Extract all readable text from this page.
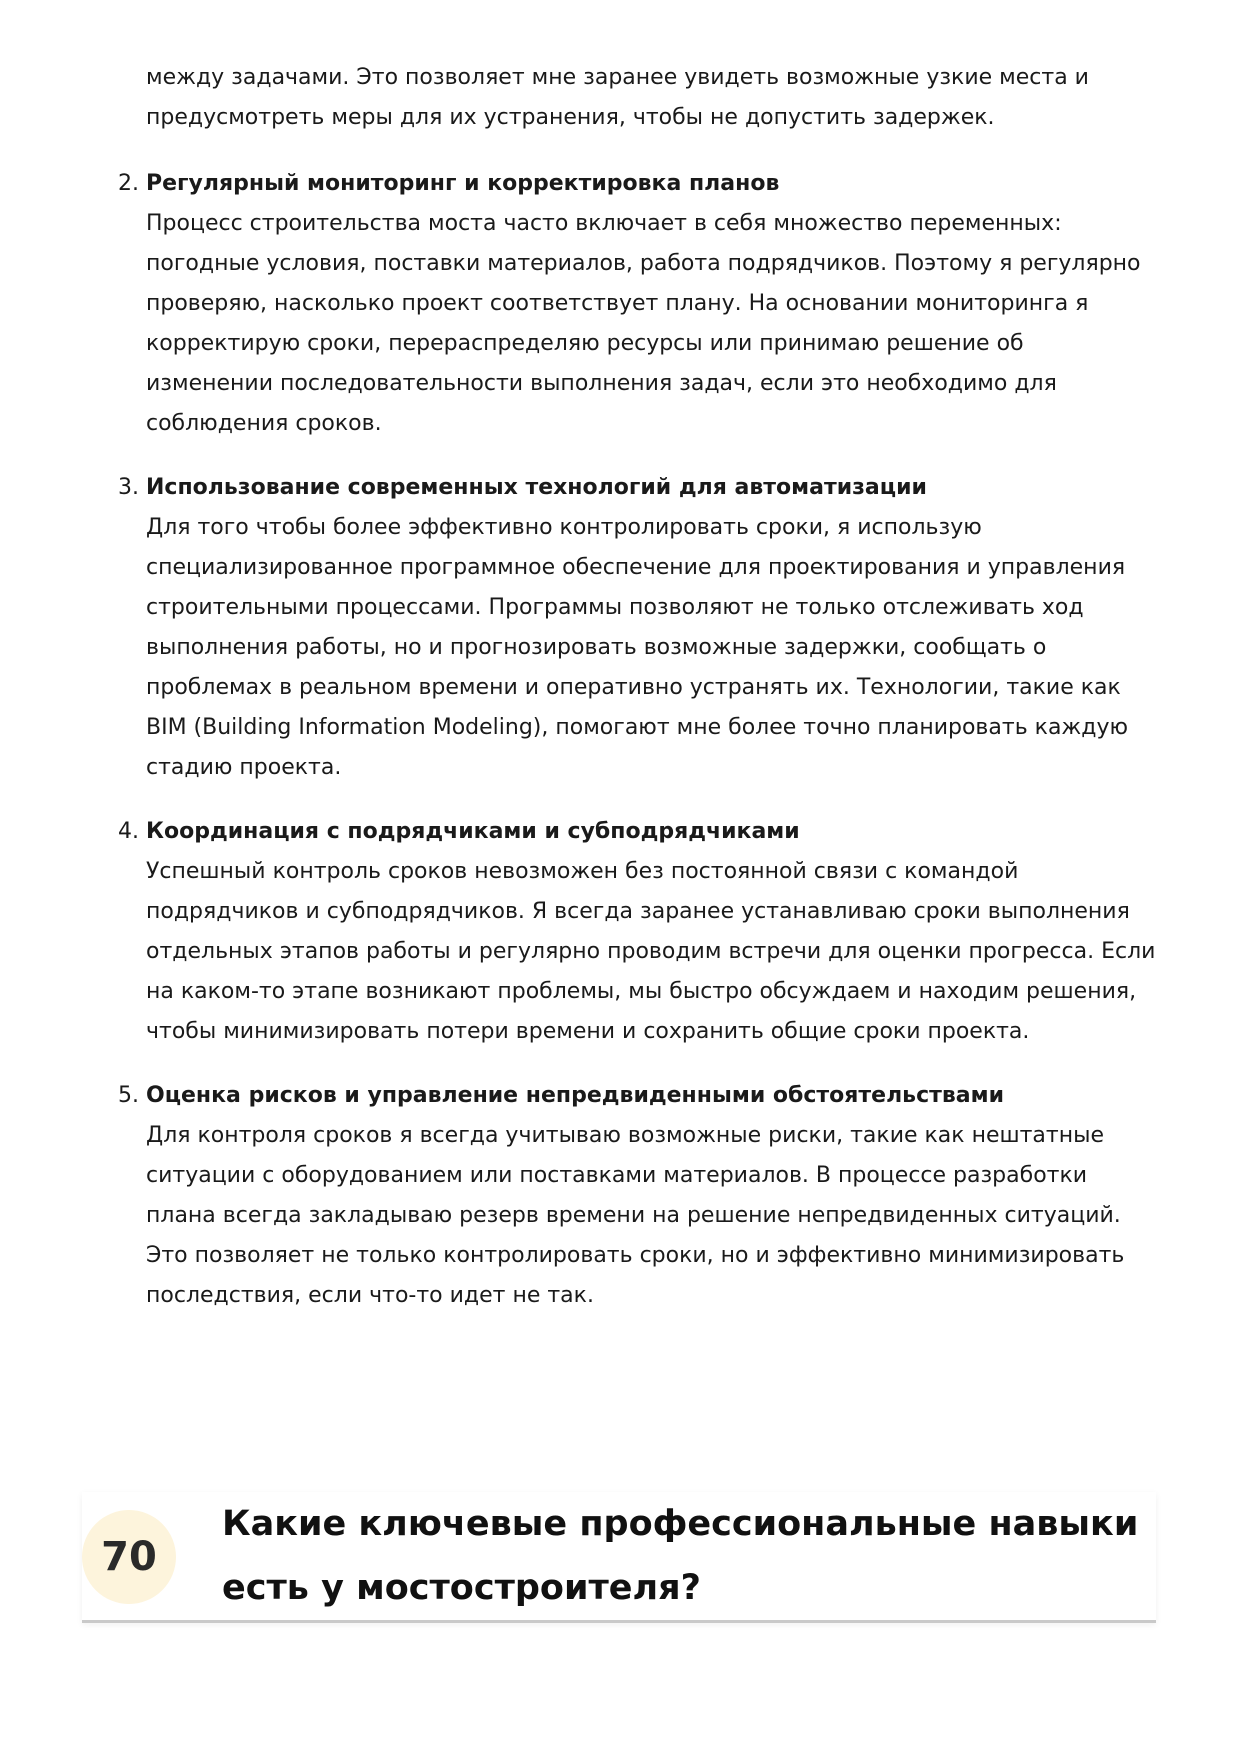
между задачами. Это позволяет мне заранее увидеть возможные узкие места и предусмотреть меры для их устранения, чтобы не допустить задержек.

2. Регулярный мониторинг и корректировка планов
Процесс строительства моста часто включает в себя множество переменных: погодные условия, поставки материалов, работа подрядчиков. Поэтому я регулярно проверяю, насколько проект соответствует плану. На основании мониторинга я корректирую сроки, перераспределяю ресурсы или принимаю решение об изменении последовательности выполнения задач, если это необходимо для соблюдения сроков.
3. Использование современных технологий для автоматизации
Для того чтобы более эффективно контролировать сроки, я использую специализированное программное обеспечение для проектирования и управления строительными процессами. Программы позволяют не только отслеживать ход выполнения работы, но и прогнозировать возможные задержки, сообщать о проблемах в реальном времени и оперативно устранять их. Технологии, такие как BIM (Building Information Modeling), помогают мне более точно планировать каждую стадию проекта.
4. Координация с подрядчиками и субподрядчиками
Успешный контроль сроков невозможен без постоянной связи с командой подрядчиков и субподрядчиков. Я всегда заранее устанавливаю сроки выполнения отдельных этапов работы и регулярно проводим встречи для оценки прогресса. Если на каком-то этапе возникают проблемы, мы быстро обсуждаем и находим решения, чтобы минимизировать потери времени и сохранить общие сроки проекта.
5. Оценка рисков и управление непредвиденными обстоятельствами
Для контроля сроков я всегда учитываю возможные риски, такие как нештатные ситуации с оборудованием или поставками материалов. В процессе разработки плана всегда закладываю резерв времени на решение непредвиденных ситуаций. Это позволяет не только контролировать сроки, но и эффективно минимизировать последствия, если что-то идет не так.
70
Какие ключевые профессиональные навыки есть у мостостроителя?
